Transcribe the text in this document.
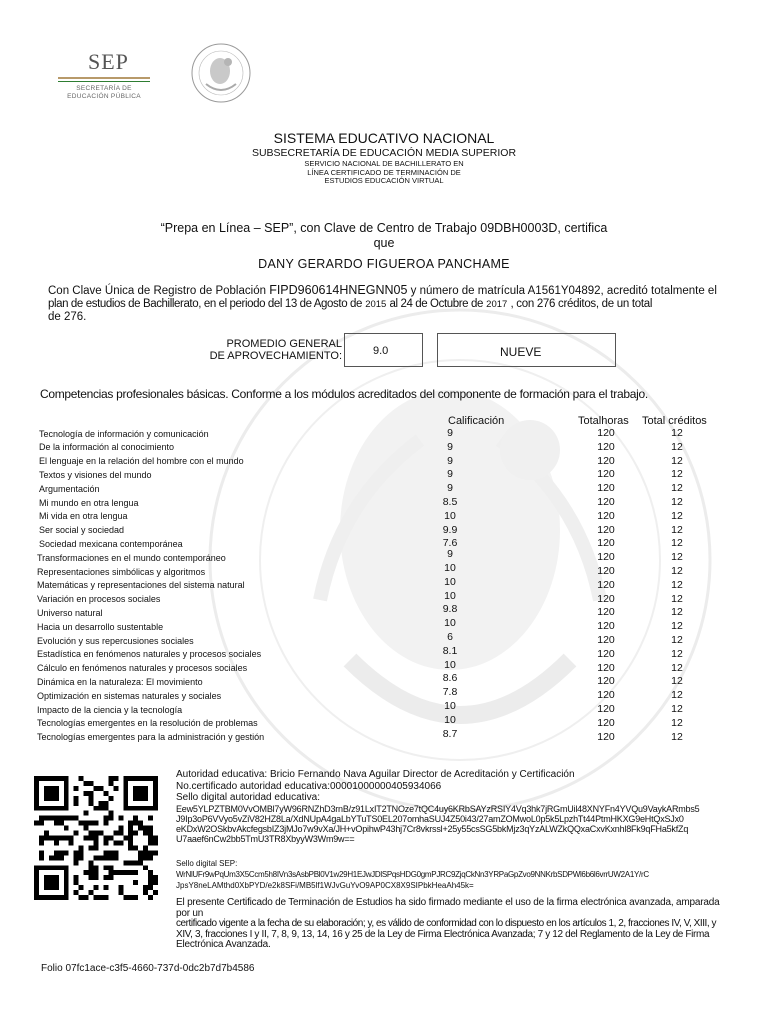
SEP
SECRETARÍA DE
EDUCACIÓN PÚBLICA
SISTEMA EDUCATIVO NACIONAL
SUBSECRETARÍA DE EDUCACIÓN MEDIA SUPERIOR
SERVICIO NACIONAL DE BACHILLERATO EN
LÍNEA CERTIFICADO DE TERMINACIÓN DE
ESTUDIOS EDUCACIÓN VIRTUAL
“Prepa en Línea – SEP”, con Clave de Centro de Trabajo 09DBH0003D, certifica
que
DANY GERARDO FIGUEROA PANCHAME
Con Clave Única de Registro de Población FIPD960614HNEGNN05 y número de matrícula A1561Y04892, acreditó totalmente el
plan de estudios de Bachillerato, en el periodo del 13 de Agosto de 2015 al 24 de Octubre de 2017 , con 276 créditos, de un total
de 276.
PROMEDIO GENERAL
DE APROVECHAMIENTO:	9.0	NUEVE
Competencias profesionales básicas. Conforme a los módulos acreditados del componente de formación para el trabajo.
Calificación	Totalhoras Total créditos
Tecnología de información y comunicación	9	120	12
De la información al conocimiento	9	120	12
El lenguaje en la relación del hombre con el mundo	9	120	12
Textos y visiones del mundo	9	120	12
Argumentación	9	120	12
Mi mundo en otra lengua	8.5	120	12
Mi vida en otra lengua	10	120	12
Ser social y sociedad	9.9	120	12
Sociedad mexicana contemporánea	7.6	120	12
Transformaciones en el mundo contemporáneo	9	120	12
Representaciones simbólicas y algoritmos	10	120	12
Matemáticas y representaciones del sistema natural	10	120	12
Variación en procesos sociales	10	120	12
Universo natural	9.8	120	12
Hacia un desarrollo sustentable	10	120	12
Evolución y sus repercusiones sociales	6	120	12
Estadística en fenómenos naturales y procesos sociales	8.1	120	12
Cálculo en fenómenos naturales y procesos sociales	10	120	12
Dinámica en la naturaleza: El movimiento	8.6	120	12
Optimización en sistemas naturales y sociales	7.8	120	12
Impacto de la ciencia y la tecnología	10	120	12
Tecnologías emergentes en la resolución de problemas	10	120	12
Tecnologías emergentes para la administración y gestión	8.7	120	12
Autoridad educativa: Bricio Fernando Nava Aguilar Director de Acreditación y Certificación
No.certificado autoridad educativa:00001000000405934066
Sello digital autoridad educativa:
Eew5YLPZTBM0VvOMBl7yW96RNZhD3rnB/z91LxIT2TNOze7tQC4uy6KRbSAYzRSIY4Vq3hk7jRGmUil48XNYFn4YVQu9VaykARmbs5
J9Ip3oP6VVyo5vZiV82HZ8La/XdNUpA4gaLbYTuTS0EL207omhaSUJ4Z50i43/27amZOMwoL0p5k5LpzhTt44PtmHKXG9eHtQxSJx0
eKDxW2OSkbvAkcfegsbIZ3jMJo7w9vXa/JH+vOpihwP43hj7Cr8vkrssl+25y55csSG5bkMjz3qYzALWZkQQxaCxvKxnhl8Fk9qFHa5kfZq
U7aaef6nCw2bb5TmU3TR8XbyyW3Wm9w==
Sello digital SEP:
WrNlUFr9wPqUm3X5Ccm5h8IVn3sAsbPBl0V1w29H1EJwJDlSPqsHDG0gmPJRC9ZjqCkNn3YRPaGpZvo9NNKrbSDPWl6b6l6vrrUW2A1Y/rC
JpsY8neLAMthd0XbPYD/e2k8SFi/MB5lf1WJvGuYvO9AP0CX8X9SIPbkHeaAh45k=
El presente Certificado de Terminación de Estudios ha sido firmado mediante el uso de la firma electrónica avanzada, amparada por un
certificado vigente a la fecha de su elaboración; y, es válido de conformidad con lo dispuesto en los artículos 1, 2, fracciones IV, V, XIII, y
XIV, 3, fracciones I y II, 7, 8, 9, 13, 14, 16 y 25 de la Ley de Firma Electrónica Avanzada; 7 y 12 del Reglamento de la Ley de Firma
Electrónica Avanzada.
Folio 07fc1ace-c3f5-4660-737d-0dc2b7d7b4586
